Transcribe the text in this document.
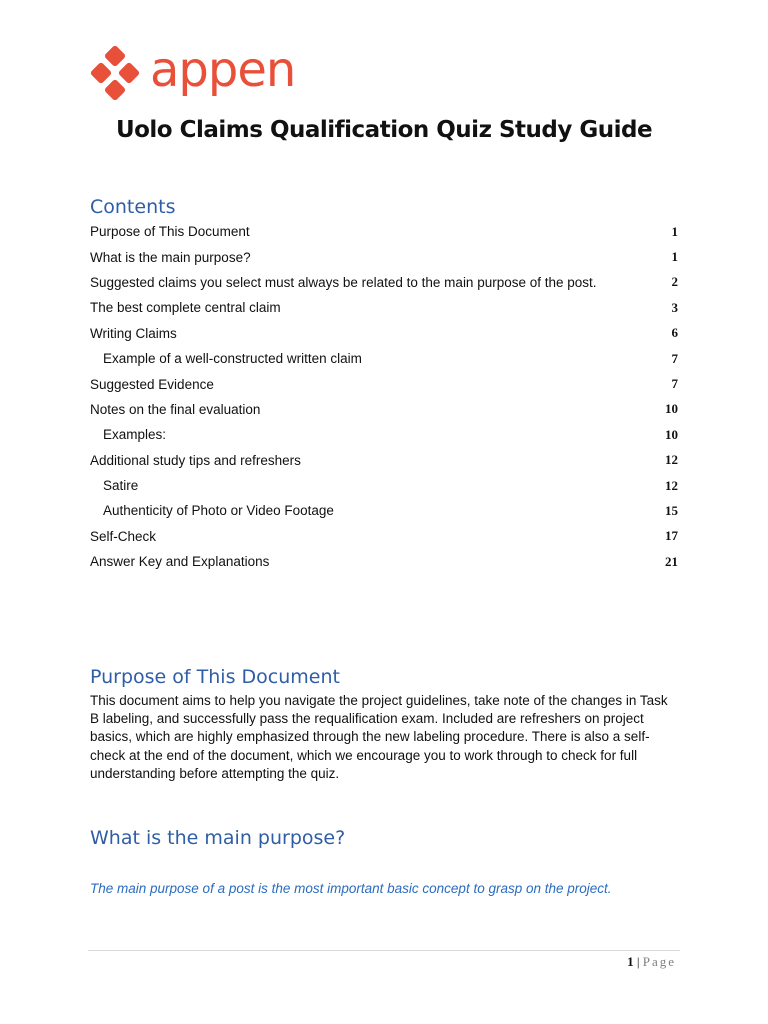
appen
Uolo Claims Qualification Quiz Study Guide
Contents
Purpose of This Document	1
What is the main purpose?	1
Suggested claims you select must always be related to the main purpose of the post.	2
The best complete central claim	3
Writing Claims	6
Example of a well-constructed written claim	7
Suggested Evidence	7
Notes on the final evaluation	10
Examples:	10
Additional study tips and refreshers	12
Satire	12
Authenticity of Photo or Video Footage	15
Self-Check	17
Answer Key and Explanations	21
Purpose of This Document

This document aims to help you navigate the project guidelines, take note of the changes in Task B labeling, and successfully pass the requalification exam. Included are refreshers on project basics, which are highly emphasized through the new labeling procedure. There is also a self-check at the end of the document, which we encourage you to work through to check for full understanding before attempting the quiz.

What is the main purpose?

The main purpose of a post is the most important basic concept to grasp on the project.

1 | Page
